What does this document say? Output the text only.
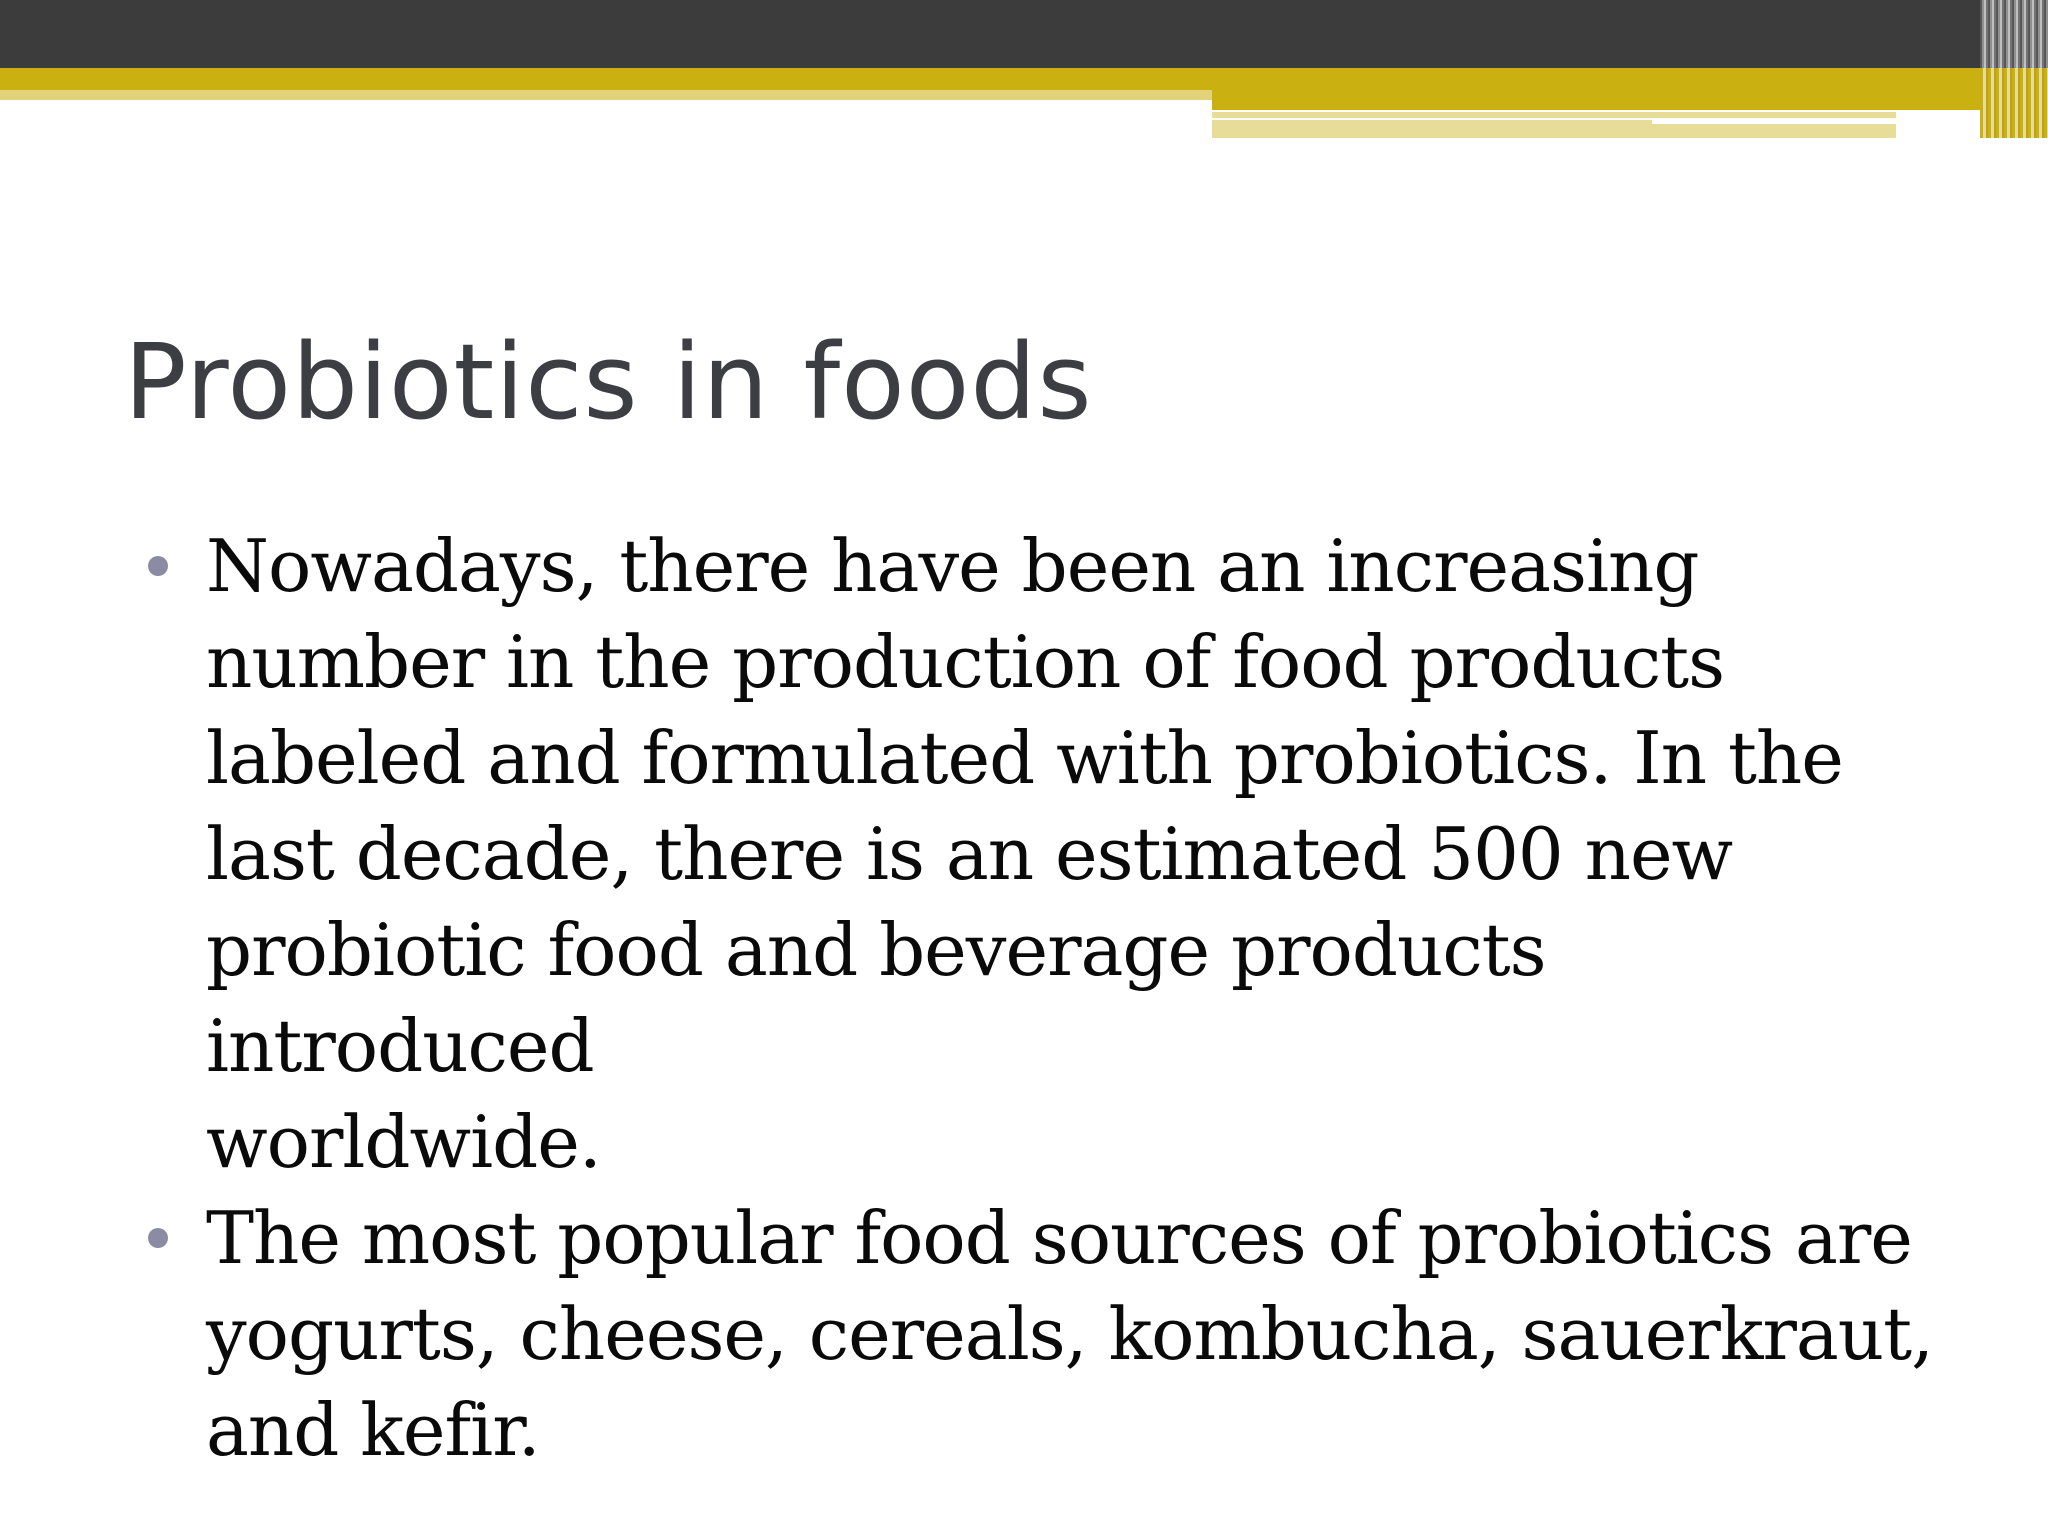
Probiotics in foods
Nowadays, there have been an increasing
number in the production of food products
labeled and formulated with probiotics. In the
last decade, there is an estimated 500 new
probiotic food and beverage products introduced
worldwide.
The most popular food sources of probiotics are
yogurts, cheese, cereals, kombucha, sauerkraut,
and kefir.
